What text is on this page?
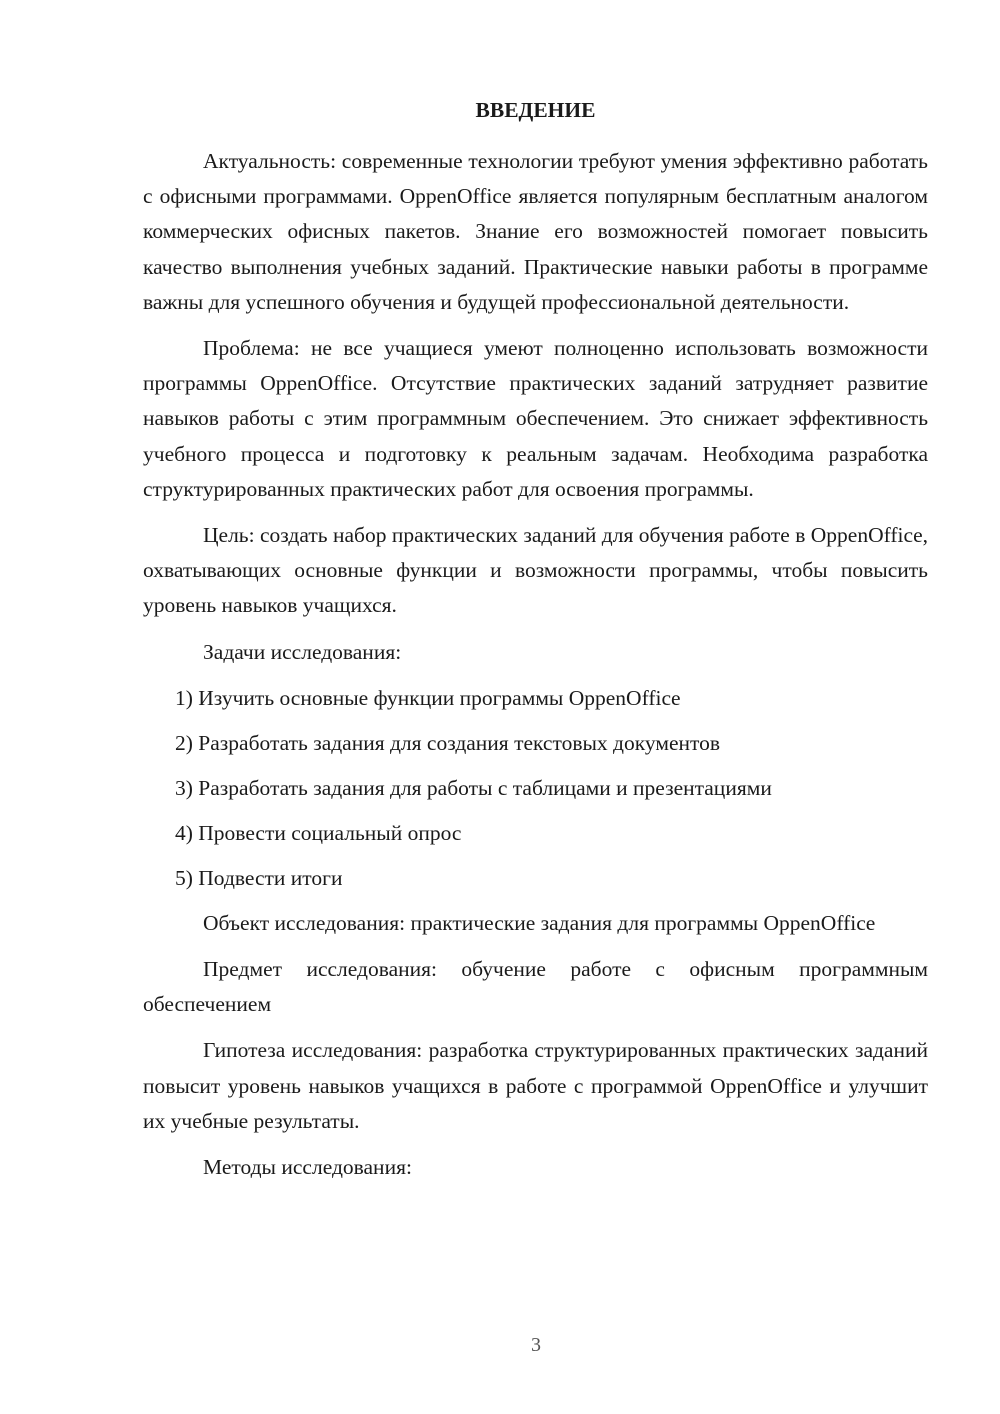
ВВЕДЕНИЕ

Актуальность: современные технологии требуют умения эффективно работать с офисными программами. OppenOffice является популярным бесплатным аналогом коммерческих офисных пакетов. Знание его возможностей помогает повысить качество выполнения учебных заданий. Практические навыки работы в программе важны для успешного обучения и будущей профессиональной деятельности.

Проблема: не все учащиеся умеют полноценно использовать возможности программы OppenOffice. Отсутствие практических заданий затрудняет развитие навыков работы с этим программным обеспечением. Это снижает эффективность учебного процесса и подготовку к реальным задачам. Необходима разработка структурированных практических работ для освоения программы.

Цель: создать набор практических заданий для обучения работе в OppenOffice, охватывающих основные функции и возможности программы, чтобы повысить уровень навыков учащихся.

Задачи исследования:

1) Изучить основные функции программы OppenOffice
2) Разработать задания для создания текстовых документов
3) Разработать задания для работы с таблицами и презентациями
4) Провести социальный опрос
5) Подвести итоги

Объект исследования: практические задания для программы OppenOffice

Предмет исследования: обучение работе с офисным программным обеспечением

Гипотеза исследования: разработка структурированных практических заданий повысит уровень навыков учащихся в работе с программой OppenOffice и улучшит их учебные результаты.

Методы исследования:

3
